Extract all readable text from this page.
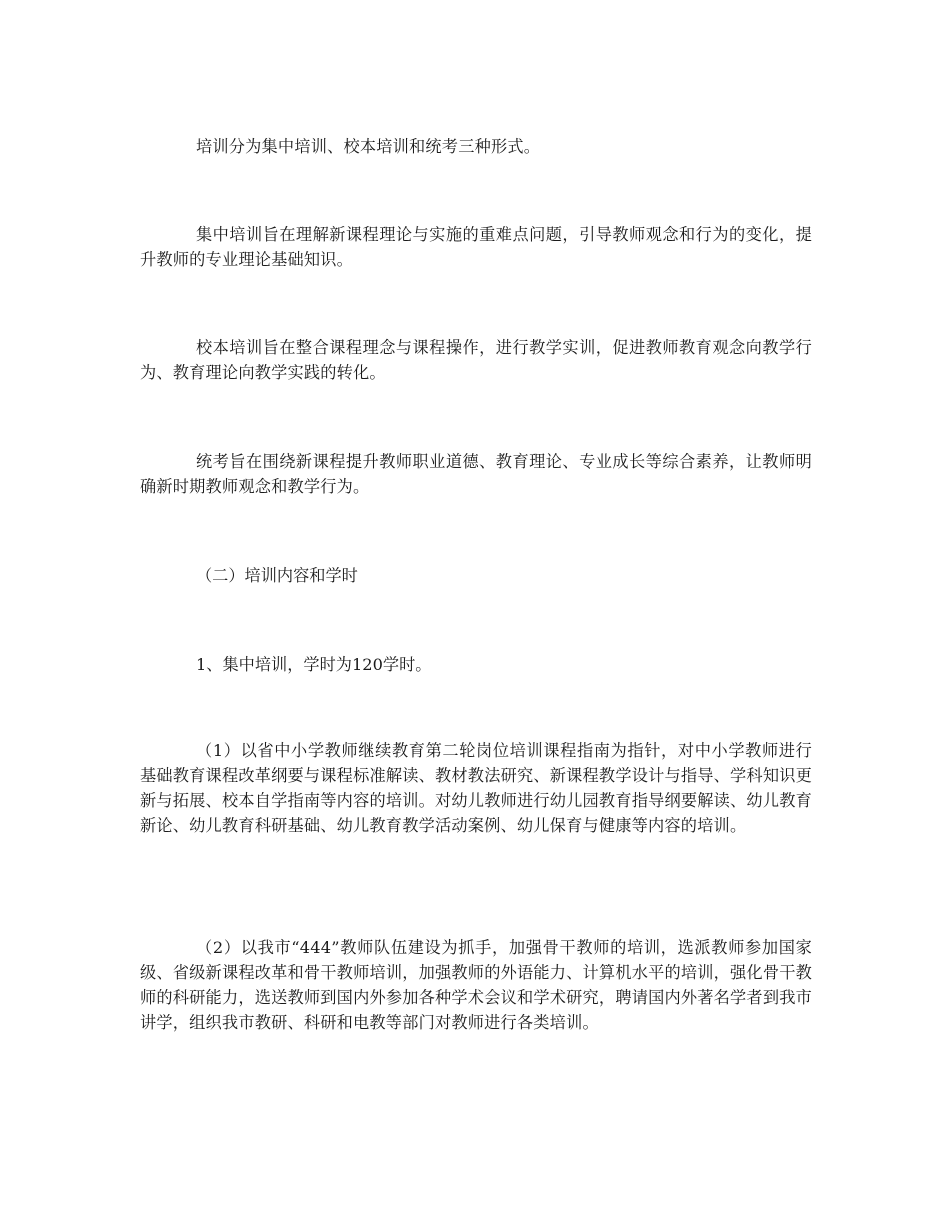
培训分为集中培训、校本培训和统考三种形式。

集中培训旨在理解新课程理论与实施的重难点问题，引导教师观念和行为的变化，提升教师的专业理论基础知识。

校本培训旨在整合课程理念与课程操作，进行教学实训，促进教师教育观念向教学行为、教育理论向教学实践的转化。

统考旨在围绕新课程提升教师职业道德、教育理论、专业成长等综合素养，让教师明确新时期教师观念和教学行为。

（二）培训内容和学时

1、集中培训，学时为120学时。

（1）以省中小学教师继续教育第二轮岗位培训课程指南为指针，对中小学教师进行基础教育课程改革纲要与课程标准解读、教材教法研究、新课程教学设计与指导、学科知识更新与拓展、校本自学指南等内容的培训。对幼儿教师进行幼儿园教育指导纲要解读、幼儿教育新论、幼儿教育科研基础、幼儿教育教学活动案例、幼儿保育与健康等内容的培训。

（2）以我市“444”教师队伍建设为抓手，加强骨干教师的培训，选派教师参加国家级、省级新课程改革和骨干教师培训，加强教师的外语能力、计算机水平的培训，强化骨干教师的科研能力，选送教师到国内外参加各种学术会议和学术研究，聘请国内外著名学者到我市讲学，组织我市教研、科研和电教等部门对教师进行各类培训。
